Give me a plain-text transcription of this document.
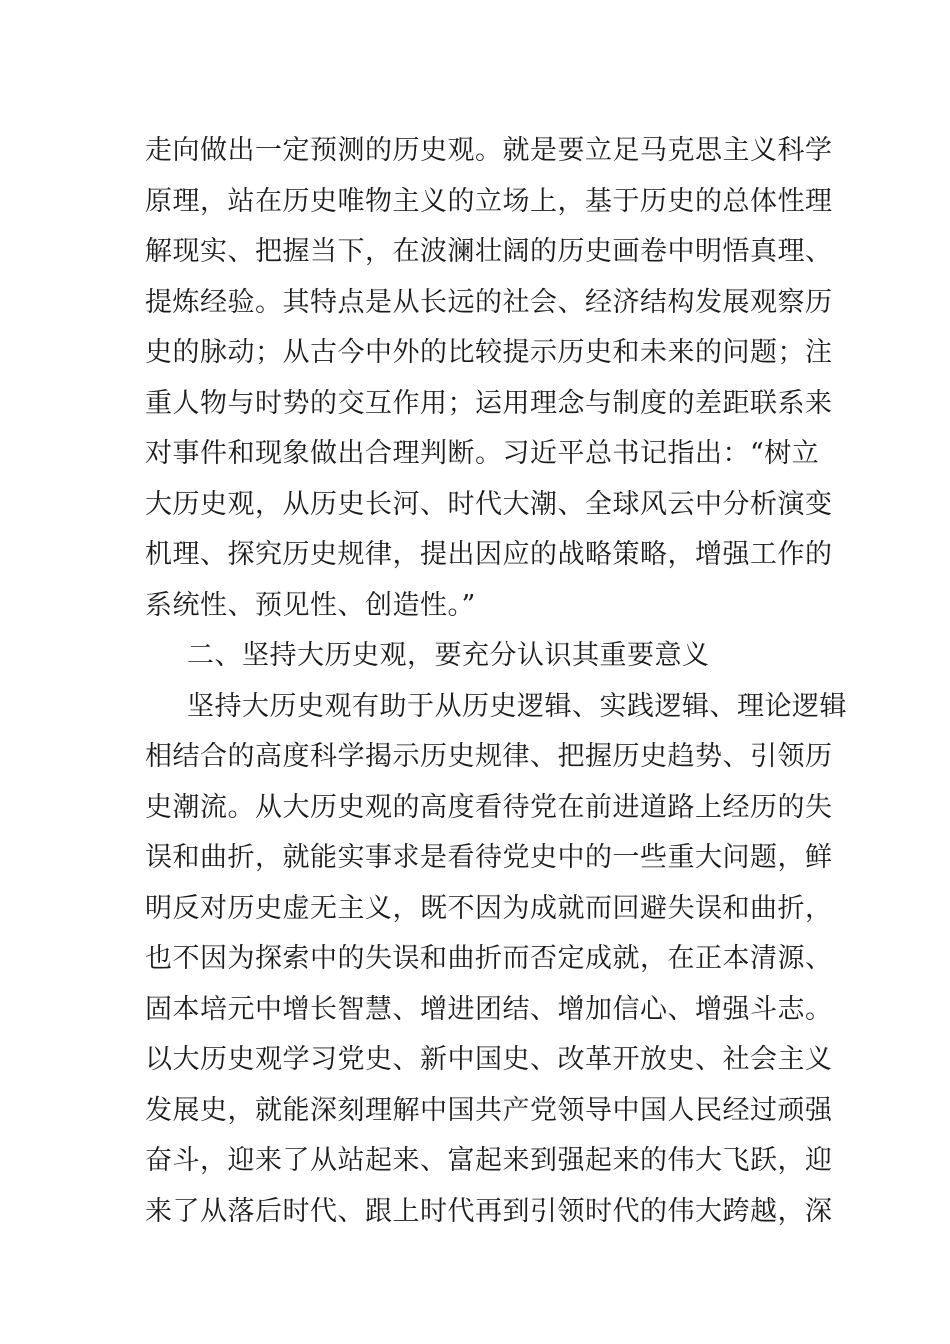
走向做出一定预测的历史观。就是要立足马克思主义科学
原理，站在历史唯物主义的立场上，基于历史的总体性理
解现实、把握当下，在波澜壮阔的历史画卷中明悟真理、
提炼经验。其特点是从长远的社会、经济结构发展观察历
史的脉动；从古今中外的比较提示历史和未来的问题；注
重人物与时势的交互作用；运用理念与制度的差距联系来
对事件和现象做出合理判断。习近平总书记指出：“树立
大历史观，从历史长河、时代大潮、全球风云中分析演变
机理、探究历史规律，提出因应的战略策略，增强工作的
系统性、预见性、创造性。”
二、坚持大历史观，要充分认识其重要意义
坚持大历史观有助于从历史逻辑、实践逻辑、理论逻辑
相结合的高度科学揭示历史规律、把握历史趋势、引领历
史潮流。从大历史观的高度看待党在前进道路上经历的失
误和曲折，就能实事求是看待党史中的一些重大问题，鲜
明反对历史虚无主义，既不因为成就而回避失误和曲折，
也不因为探索中的失误和曲折而否定成就，在正本清源、
固本培元中增长智慧、增进团结、增加信心、增强斗志。
以大历史观学习党史、新中国史、改革开放史、社会主义
发展史，就能深刻理解中国共产党领导中国人民经过顽强
奋斗，迎来了从站起来、富起来到强起来的伟大飞跃，迎
来了从落后时代、跟上时代再到引领时代的伟大跨越，深
